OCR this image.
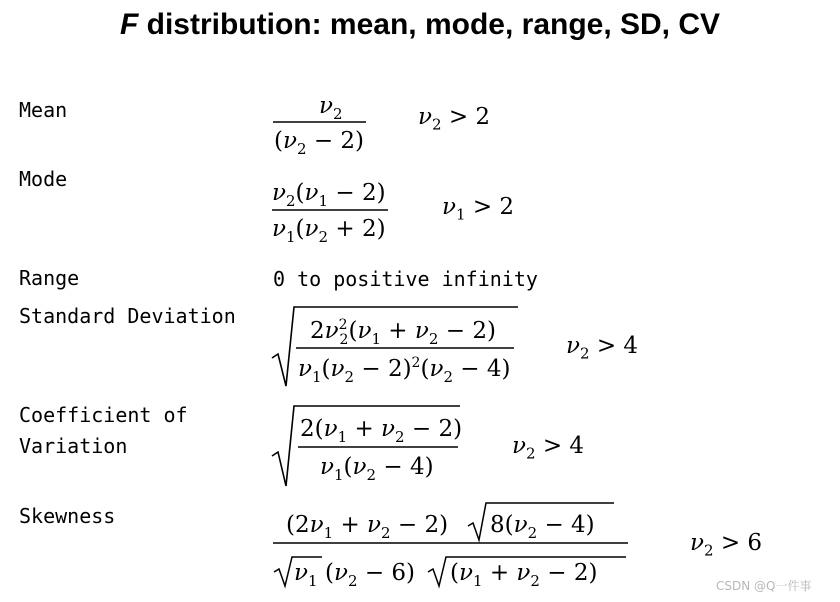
F distribution: mean, mode, range, SD, CV
Mean
Mode
Range
Standard Deviation
Coefficient of
Variation
Skewness
0 to positive infinity
$\nu_2$
$(\nu_2 - 2)$
$\nu_2 > 2$
$\nu_2(\nu_1 - 2)$
$\nu_1(\nu_2 + 2)$
$\nu_1 > 2$
$2\nu^2$ $2(\nu_1 + \nu_2 - 2)$
$\nu_1(\nu_2 - 2)^2(\nu_2 - 4)$
$\nu_2 > 4$
$2(\nu_1 + \nu_2 - 2)$
$\nu_1(\nu_2 - 4)$
$\nu_2 > 4$
$(2\nu_1 + \nu_2 - 2) 8(\nu_2 - 4)$
$\nu_1$ $(\nu_2 - 6) (\nu_1 + \nu_2 - 2)$
$\nu_2 > 6$
CSDN @Q一件事
